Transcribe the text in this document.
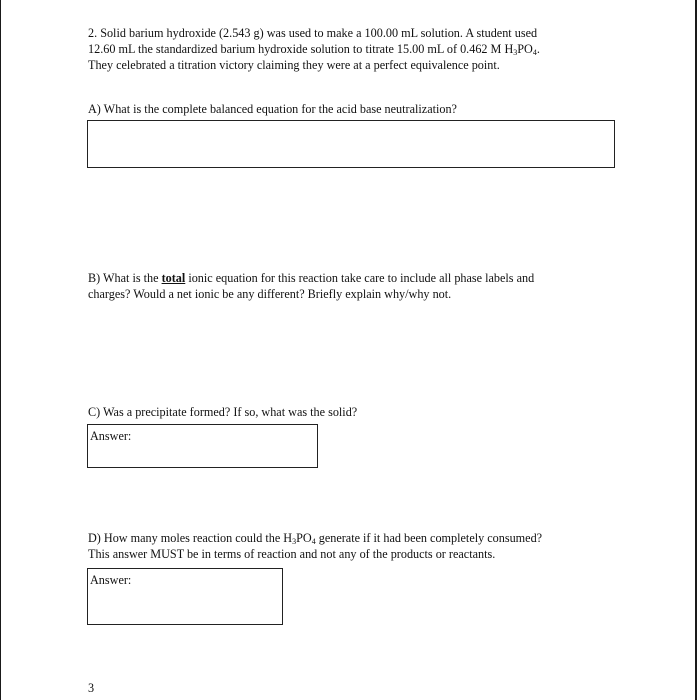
2. Solid barium hydroxide (2.543 g) was used to make a 100.00 mL solution. A student used
12.60 mL the standardized barium hydroxide solution to titrate 15.00 mL of 0.462 M $H_3PO_4$.
They celebrated a titration victory claiming they were at a perfect equivalence point.
A) What is the complete balanced equation for the acid base neutralization?
B) What is the total ionic equation for this reaction take care to include all phase labels and
charges? Would a net ionic be any different? Briefly explain why/why not.
C) Was a precipitate formed? If so, what was the solid?
Answer:
D) How many moles reaction could the $H_3PO_4$ generate if it had been completely consumed?
This answer MUST be in terms of reaction and not any of the products or reactants.
Answer:
3
